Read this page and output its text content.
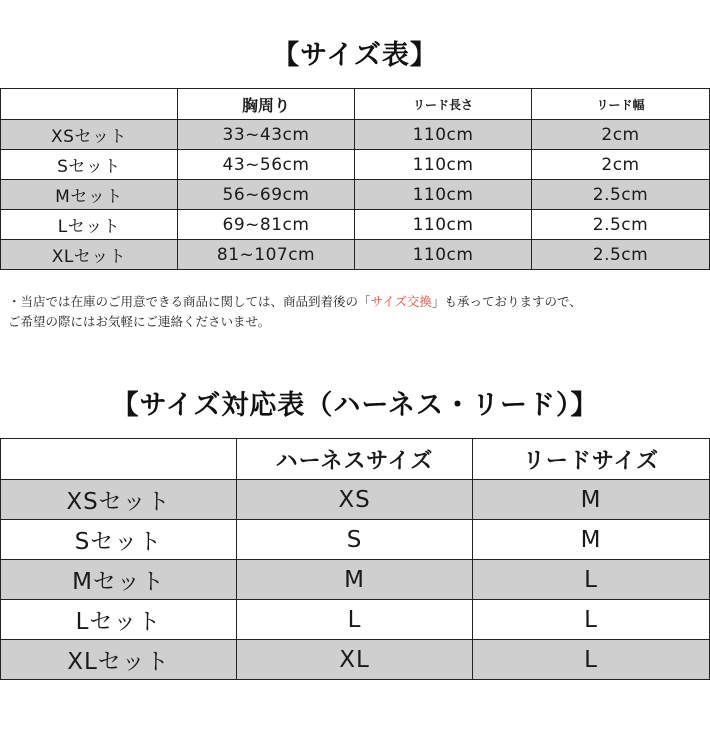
【サイズ表】
	胸周り	リード長さ	リード幅
XSセット	33~43cm	110cm	2cm
Sセット	43~56cm	110cm	2cm
Mセット	56~69cm	110cm	2.5cm
Lセット	69~81cm	110cm	2.5cm
XLセット	81~107cm	110cm	2.5cm
・当店では在庫のご用意できる商品に関しては、商品到着後の「サイズ交換」も承っておりますので、
ご希望の際にはお気軽にご連絡くださいませ。
【サイズ対応表（ハーネス・リード）】
	ハーネスサイズ	リードサイズ
XSセット	XS	M
Sセット	S	M
Mセット	M	L
Lセット	L	L
XLセット	XL	L
